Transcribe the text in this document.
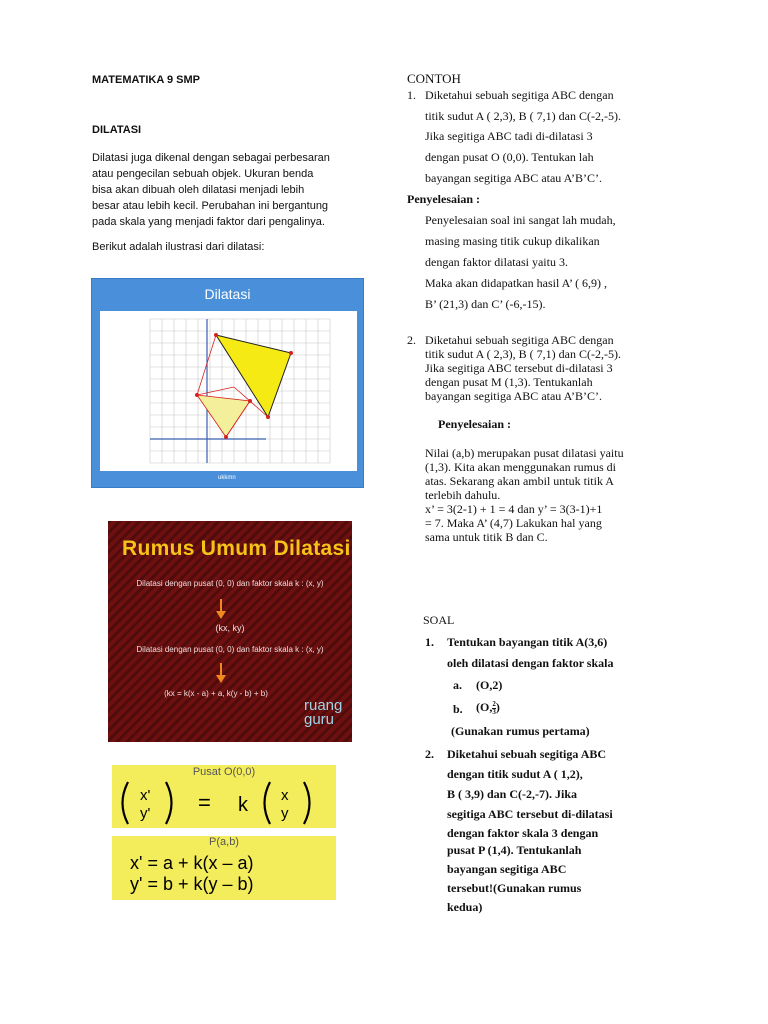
MATEMATIKA 9 SMP
DILATASI
Dilatasi juga dikenal dengan sebagai perbesaran
atau pengecilan sebuah objek. Ukuran benda
bisa akan dibuah oleh dilatasi menjadi lebih
besar atau lebih kecil. Perubahan ini bergantung
pada skala yang menjadi faktor dari pengalinya.
Berikut adalah ilustrasi dari dilatasi:
Dilatasi
ukkmn
Rumus Umum Dilatasi
Dilatasi dengan pusat (0, 0) dan faktor skala k : (x, y)
(kx, ky)
Dilatasi dengan pusat (0, 0) dan faktor skala k : (x, y)
(kx = k(x - a) + a, k(y - b) + b)
ruang
guru
Pusat O(0,0)
x'
y' = k x
y
P(a,b)
x' = a + k(x – a)
y' = b + k(y – b)
CONTOH
1. Diketahui sebuah segitiga ABC dengan
titik sudut A ( 2,3), B ( 7,1) dan C(-2,-5).
Jika segitiga ABC tadi di-dilatasi 3
dengan pusat O (0,0). Tentukan lah
bayangan segitiga ABC atau A’B’C’.
Penyelesaian :
Penyelesaian soal ini sangat lah mudah,
masing masing titik cukup dikalikan
dengan faktor dilatasi yaitu 3.
Maka akan didapatkan hasil A’ ( 6,9) ,
B’ (21,3) dan C’ (-6,-15).
2. Diketahui sebuah segitiga ABC dengan
titik sudut A ( 2,3), B ( 7,1) dan C(-2,-5).
Jika segitiga ABC tersebut di-dilatasi 3
dengan pusat M (1,3). Tentukanlah
bayangan segitiga ABC atau A’B’C’.
Penyelesaian :
Nilai (a,b) merupakan pusat dilatasi yaitu
(1,3). Kita akan menggunakan rumus di
atas. Sekarang akan ambil untuk titik A
terlebih dahulu.
x’ = 3(2-1) + 1 = 4 dan y’ = 3(3-1)+1
= 7. Maka A’ (4,7) Lakukan hal yang
sama untuk titik B dan C.
SOAL
1. Tentukan bayangan titik A(3,6)
oleh dilatasi dengan faktor skala
a. (O,2)
b. (O, $\frac{2}{3}$ )
(Gunakan rumus pertama)
2. Diketahui sebuah segitiga ABC
dengan titik sudut A ( 1,2),
B ( 3,9) dan C(-2,-7). Jika
segitiga ABC tersebut di-dilatasi
dengan faktor skala 3 dengan
pusat P (1,4). Tentukanlah
bayangan segitiga ABC
tersebut!(Gunakan rumus
kedua)
